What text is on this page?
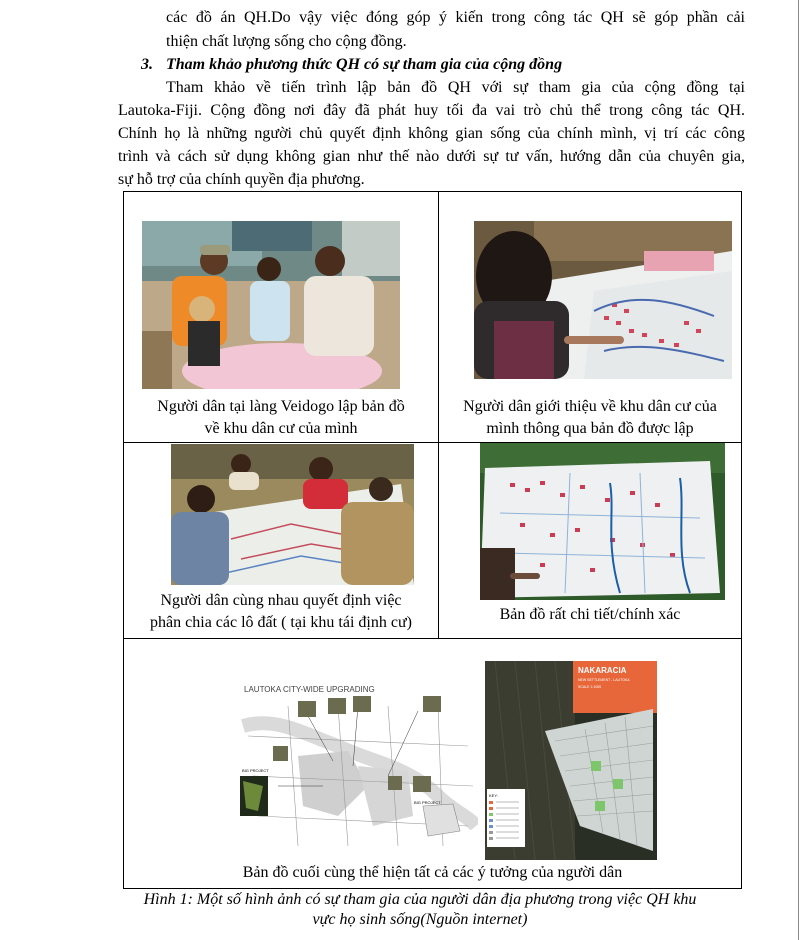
các đồ án QH.Do vậy việc đóng góp ý kiến trong công tác QH sẽ góp phần cải

thiện chất lượng sống cho cộng đồng.

3. Tham khảo phương thức QH có sự tham gia của cộng đồng

Tham khảo về tiến trình lập bản đồ QH với sự tham gia của cộng đồng tại

Lautoka-Fiji. Cộng đồng nơi đây đã phát huy tối đa vai trò chủ thể trong công tác QH.

Chính họ là những người chủ quyết định không gian sống của chính mình, vị trí các công

trình và cách sử dụng không gian như thế nào dưới sự tư vấn, hướng dẫn của chuyên gia,

sự hỗ trợ của chính quyền địa phương.

Người dân tại làng Veidogo lập bản đồ
về khu dân cư của mình
Người dân giới thiệu về khu dân cư của
mình thông qua bản đồ được lập
Người dân cùng nhau quyết định việc
phân chia các lô đất ( tại khu tái định cư)	Bản đồ rất chi tiết/chính xác
LAUTOKA CITY-WIDE UPGRADING
BIG PROJECT
BIG PROJECT
NAKARACIA
NEW SETTLEMENT - LAUTOKA
SCALE 1:1000
KEY:
Bản đồ cuối cùng thể hiện tất cả các ý tưởng của người dân
Hình 1: Một số hình ảnh có sự tham gia của người dân địa phương trong việc QH khu
vực họ sinh sống(Nguồn internet)
